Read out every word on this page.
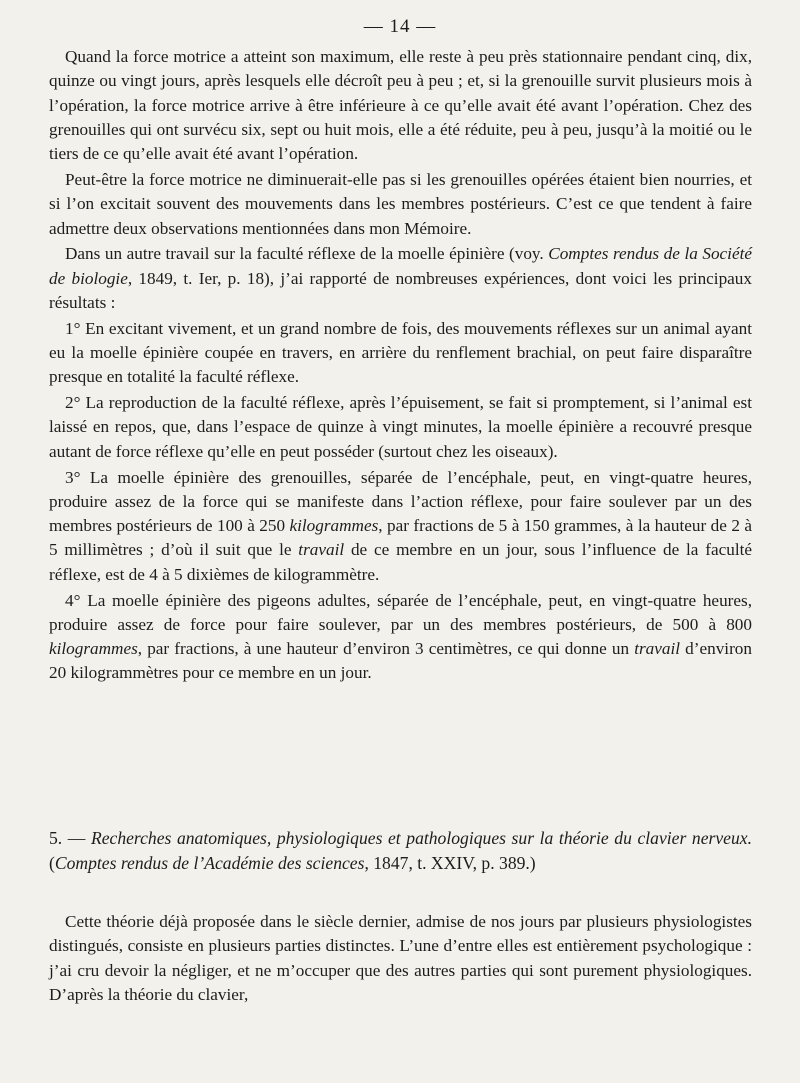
— 14 —

Quand la force motrice a atteint son maximum, elle reste à peu près stationnaire pendant cinq, dix, quinze ou vingt jours, après lesquels elle décroît peu à peu ; et, si la grenouille survit plusieurs mois à l’opération, la force motrice arrive à être inférieure à ce qu’elle avait été avant l’opération. Chez des grenouilles qui ont survécu six, sept ou huit mois, elle a été réduite, peu à peu, jusqu’à la moitié ou le tiers de ce qu’elle avait été avant l’opération.

Peut-être la force motrice ne diminuerait-elle pas si les grenouilles opérées étaient bien nourries, et si l’on excitait souvent des mouvements dans les membres postérieurs. C’est ce que tendent à faire admettre deux observations mentionnées dans mon Mémoire.

Dans un autre travail sur la faculté réflexe de la moelle épinière (voy. Comptes rendus de la Société de biologie, 1849, t. Ier, p. 18), j’ai rapporté de nombreuses expériences, dont voici les principaux résultats :

1° En excitant vivement, et un grand nombre de fois, des mouvements réflexes sur un animal ayant eu la moelle épinière coupée en travers, en arrière du renflement brachial, on peut faire disparaître presque en totalité la faculté réflexe.

2° La reproduction de la faculté réflexe, après l’épuisement, se fait si promptement, si l’animal est laissé en repos, que, dans l’espace de quinze à vingt minutes, la moelle épinière a recouvré presque autant de force réflexe qu’elle en peut posséder (surtout chez les oiseaux).

3° La moelle épinière des grenouilles, séparée de l’encéphale, peut, en vingt-quatre heures, produire assez de la force qui se manifeste dans l’action réflexe, pour faire soulever par un des membres postérieurs de 100 à 250 kilogrammes, par fractions de 5 à 150 grammes, à la hauteur de 2 à 5 millimètres ; d’où il suit que le travail de ce membre en un jour, sous l’influence de la faculté réflexe, est de 4 à 5 dixièmes de kilogrammètre.

4° La moelle épinière des pigeons adultes, séparée de l’encéphale, peut, en vingt-quatre heures, produire assez de force pour faire soulever, par un des membres postérieurs, de 500 à 800 kilogrammes, par fractions, à une hauteur d’environ 3 centimètres, ce qui donne un travail d’environ 20 kilogrammètres pour ce membre en un jour.

5. — Recherches anatomiques, physiologiques et pathologiques sur la théorie du clavier nerveux. (Comptes rendus de l’Académie des sciences, 1847, t. XXIV, p. 389.)
Cette théorie déjà proposée dans le siècle dernier, admise de nos jours par plusieurs physiologistes distingués, consiste en plusieurs parties distinctes. L’une d’entre elles est entièrement psychologique : j’ai cru devoir la négliger, et ne m’occuper que des autres parties qui sont purement physiologiques. D’après la théorie du clavier,
